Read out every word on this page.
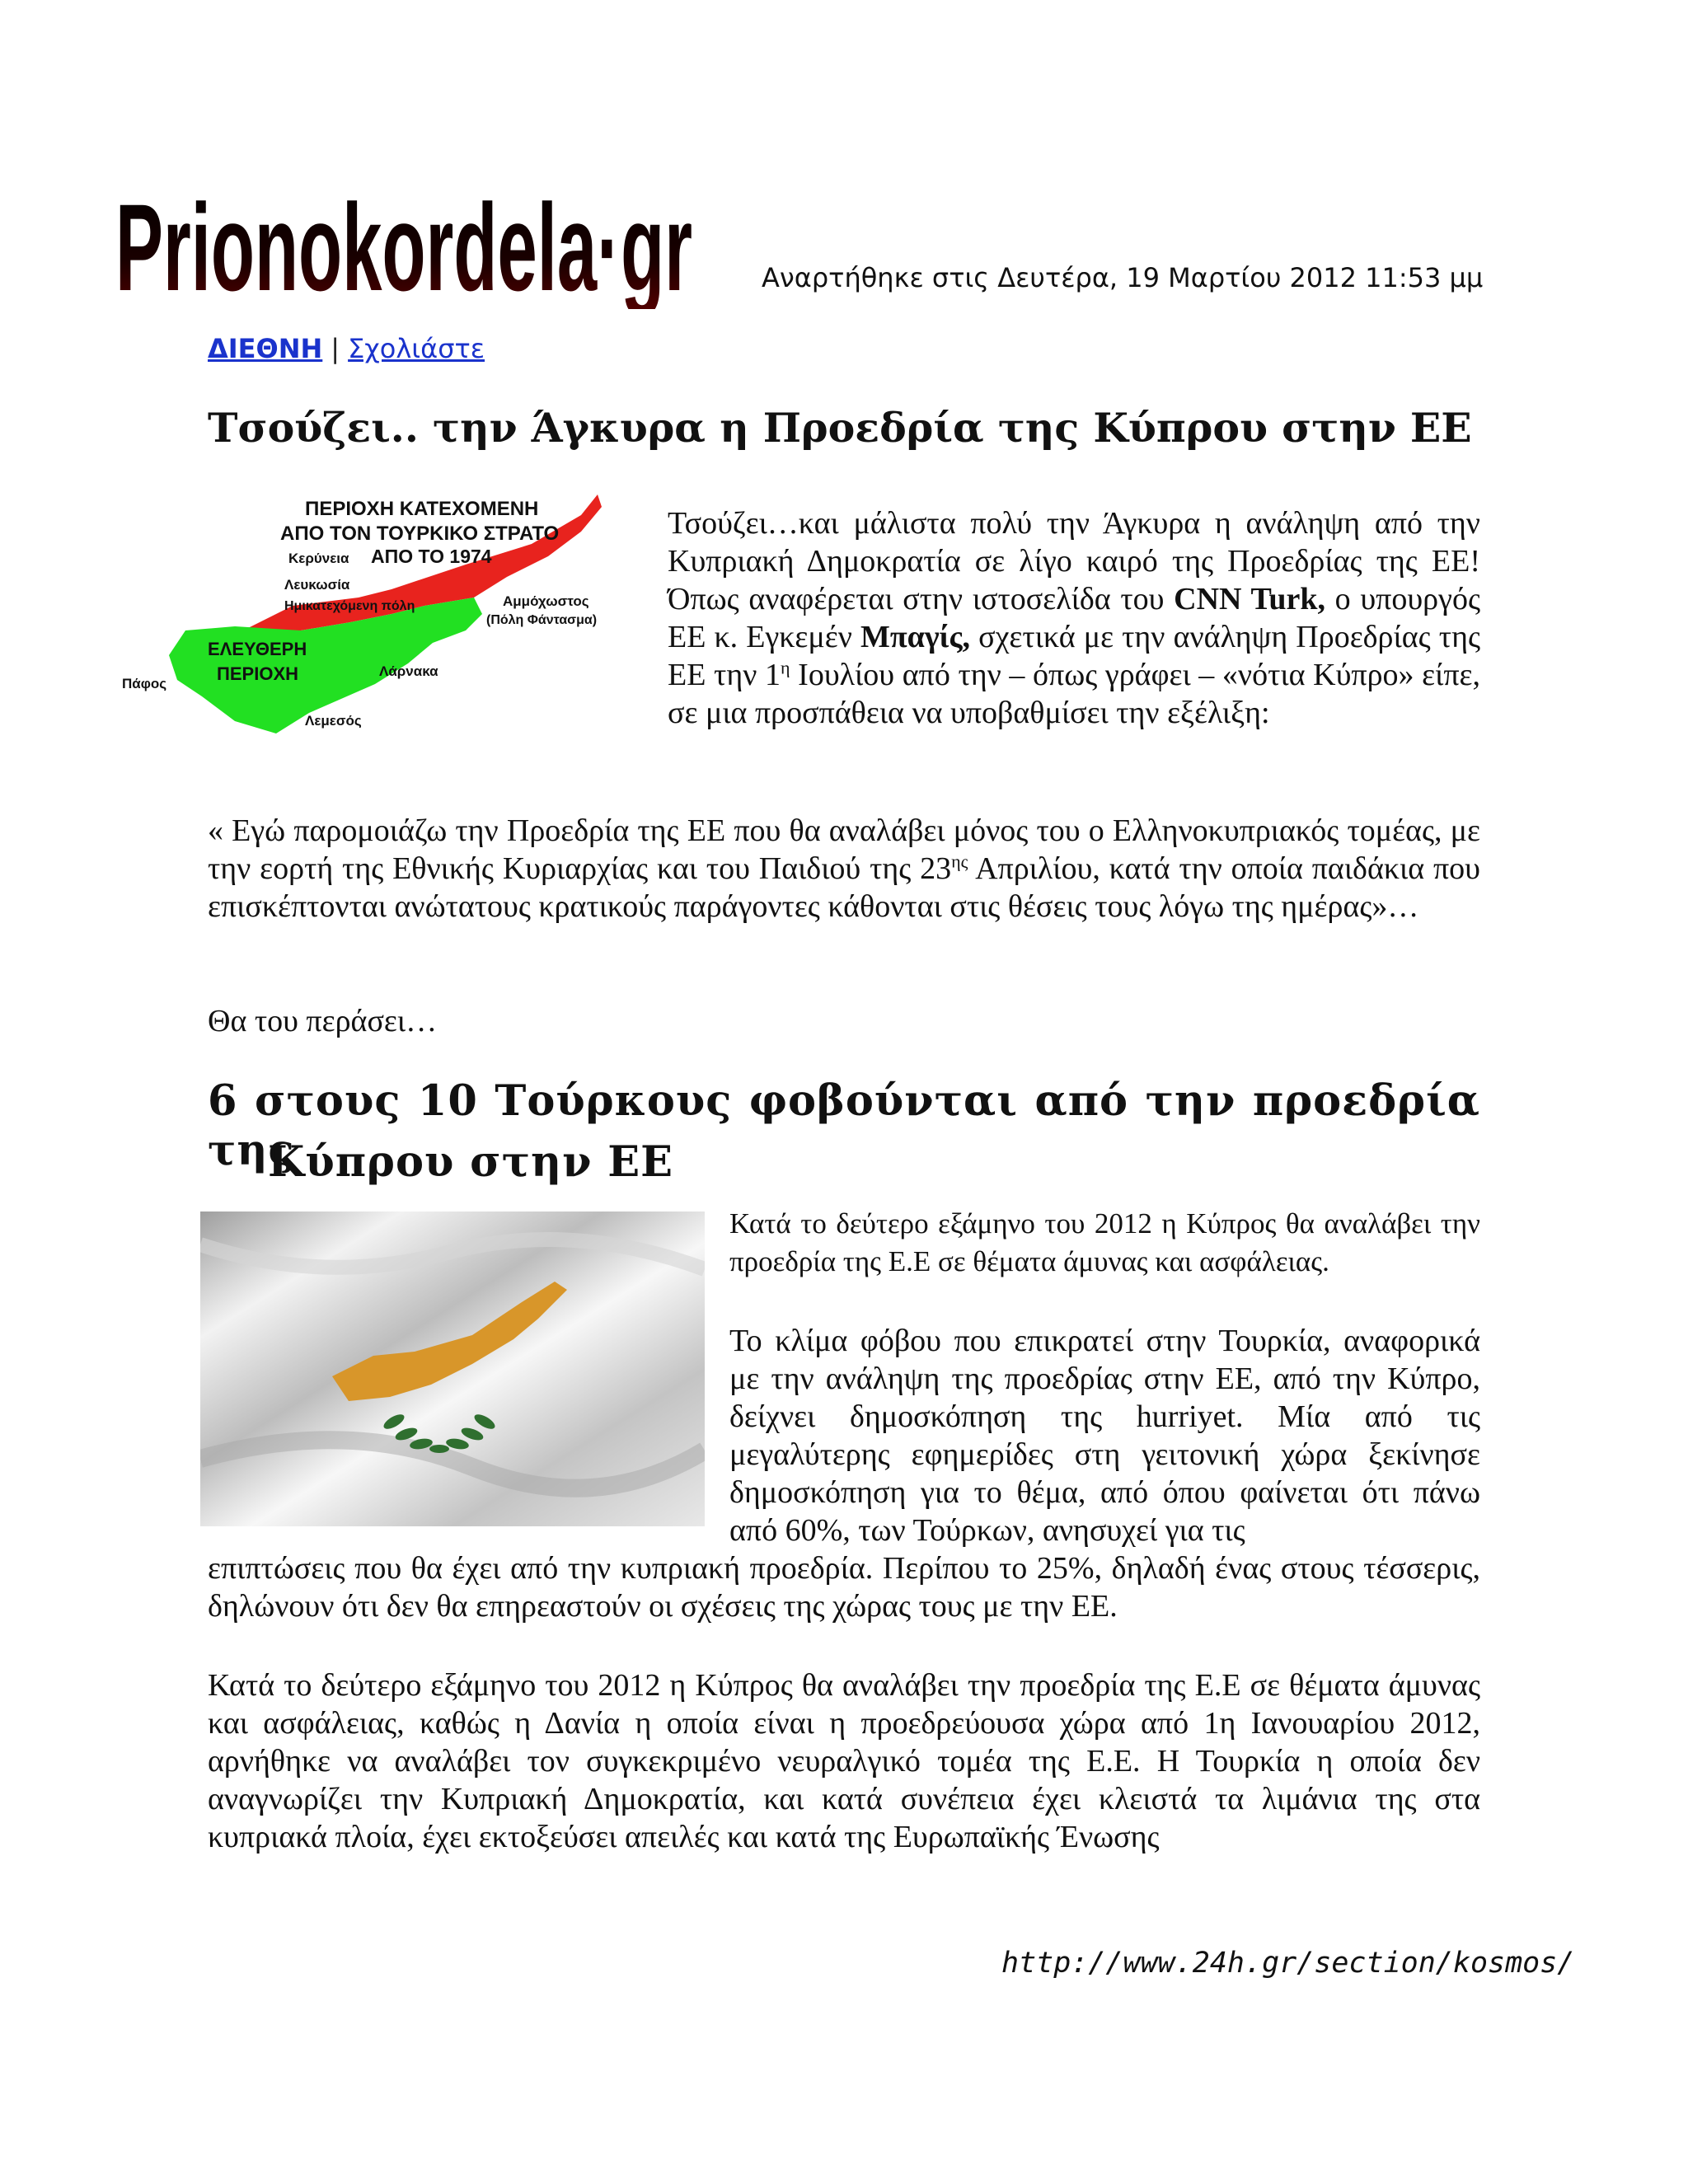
Prionokordela·gr	Αναρτήθηκε στις Δευτέρα, 19 Μαρτίου 2012 11:53 μμ
ΔΙΕΘΝΗ | Σχολιάστε
Τσούζει.. την Άγκυρα η Προεδρία της Κύπρου στην ΕΕ
ΠΕΡΙΟΧΗ ΚΑΤΕΧΟΜΕΝΗ
ΑΠΟ ΤΟΝ ΤΟΥΡΚΙΚΟ ΣΤΡΑΤΟ
ΑΠΟ ΤΟ 1974
Κερύνεια
Λευκωσία
Ημικατεχόμενη πόλη	Αμμόχωστος
(Πόλη Φάντασμα)
ΕΛΕΥΘΕΡΗ
ΠΕΡΙΟΧΗ
Πάφος
Λάρνακα
Λεμεσός

Τσούζει…και μάλιστα πολύ την Άγκυρα η ανάληψη από την Κυπριακή Δημοκρατία σε λίγο καιρό της Προεδρίας της ΕΕ! Όπως αναφέρεται στην ιστοσελίδα του CNN Turk, ο υπουργός ΕΕ κ. Εγκεμέν Μπαγίς, σχετικά με την ανάληψη Προεδρίας της ΕΕ την $1^\eta$ Ιουλίου από την – όπως γράφει – «νότια Κύπρο» είπε, σε μια προσπάθεια να υποβαθμίσει την εξέλιξη:

« Εγώ παρομοιάζω την Προεδρία της ΕΕ που θα αναλάβει μόνος του ο Ελληνοκυπριακός τομέας, με την εορτή της Εθνικής Κυριαρχίας και του Παιδιού της $23^{\eta\varsigma}$ Απριλίου, κατά την οποία παιδάκια που επισκέπτονται ανώτατους κρατικούς παράγοντες κάθονται στις θέσεις τους λόγω της ημέρας»…

Θα του περάσει…

6 στους 10 Τούρκους φοβούνται από την προεδρία της
Κύπρου στην ΕΕ

Κατά το δεύτερο εξάμηνο του 2012 η Κύπρος θα αναλάβει την προεδρία της Ε.Ε σε θέματα άμυνας και ασφάλειας.

Το κλίμα φόβου που επικρατεί στην Τουρκία, αναφορικά με την ανάληψη της προεδρίας στην ΕΕ, από την Κύπρο, δείχνει δημοσκόπηση της hurriyet. Μία από τις μεγαλύτερης εφημερίδες στη γειτονική χώρα ξεκίνησε δημοσκόπηση για το θέμα, από όπου φαίνεται ότι πάνω από 60%, των Τούρκων, ανησυχεί για τις

επιπτώσεις που θα έχει από την κυπριακή προεδρία. Περίπου το 25%, δηλαδή ένας στους τέσσερις, δηλώνουν ότι δεν θα επηρεαστούν οι σχέσεις της χώρας τους με την ΕΕ.

Κατά το δεύτερο εξάμηνο του 2012 η Κύπρος θα αναλάβει την προεδρία της Ε.Ε σε θέματα άμυνας και ασφάλειας, καθώς η Δανία η οποία είναι η προεδρεύουσα χώρα από 1η Ιανουαρίου 2012, αρνήθηκε να αναλάβει τον συγκεκριμένο νευραλγικό τομέα της Ε.Ε. Η Τουρκία η οποία δεν αναγνωρίζει την Κυπριακή Δημοκρατία, και κατά συνέπεια έχει κλειστά τα λιμάνια της στα κυπριακά πλοία, έχει εκτοξεύσει απειλές και κατά της Ευρωπαϊκής Ένωσης

http://www.24h.gr/section/kosmos/
